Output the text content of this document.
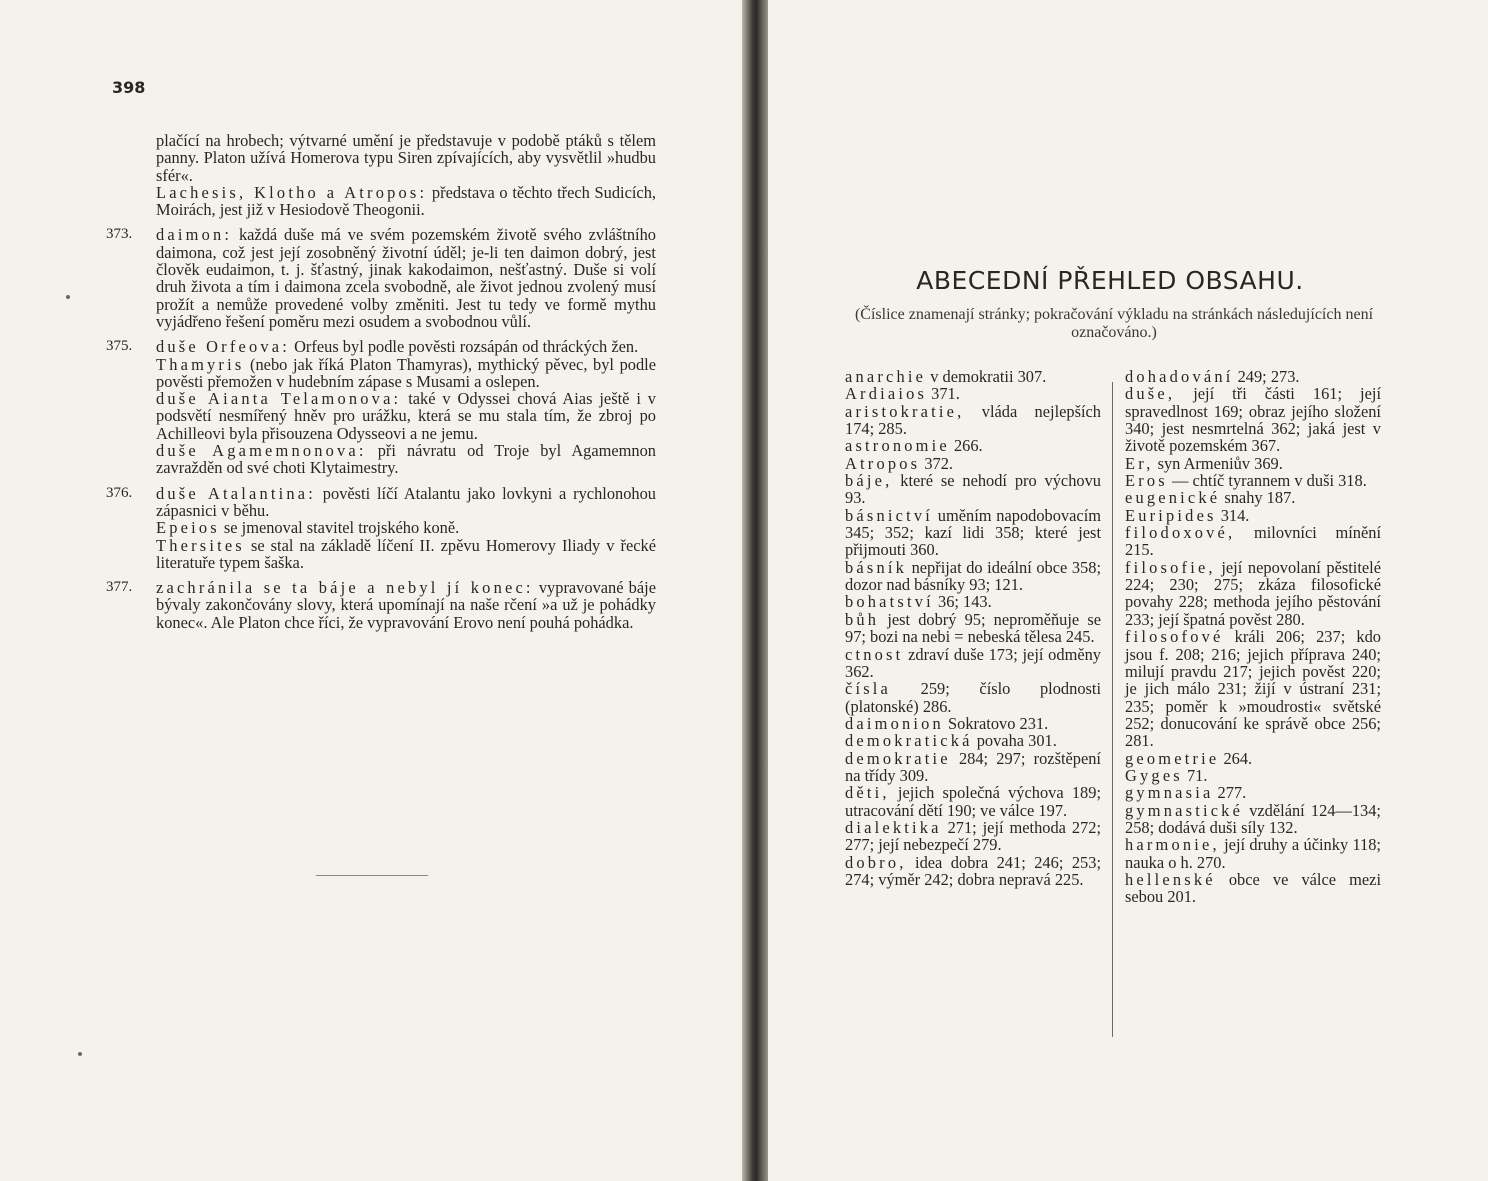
398

plačící na hrobech; výtvarné umění je představuje v podobě ptáků s tělem panny. Platon užívá Homerova typu Siren zpívajících, aby vysvětlil »hudbu sfér«.

Lachesis, Klotho a Atropos: představa o těchto třech Sudicích, Moirách, jest již v Hesiodově Theogonii.

373.	daimon: každá duše má ve svém pozemském životě svého zvláštního daimona, což jest její zosobněný životní úděl; je-li ten daimon dobrý, jest člověk eudaimon, t. j. šťastný, jinak kakodaimon, nešťastný. Duše si volí druh života a tím i daimona zcela svobodně, ale život jednou zvolený musí prožít a nemůže provedené volby změniti. Jest tu tedy ve formě mythu vyjádřeno řešení poměru mezi osudem a svobodnou vůlí.

375.	duše Orfeova: Orfeus byl podle pověsti rozsápán od thráckých žen.

Thamyris (nebo jak říká Platon Thamyras), mythický pěvec, byl podle pověsti přemožen v hudebním zápase s Musami a oslepen.

duše Aianta Telamonova: také v Odyssei chová Aias ještě i v podsvětí nesmířený hněv pro urážku, která se mu stala tím, že zbroj po Achilleovi byla přisouzena Odysseovi a ne jemu.

duše Agamemnonova: při návratu od Troje byl Agamemnon zavražděn od své choti Klytaimestry.

376.	duše Atalantina: pověsti líčí Atalantu jako lovkyni a rychlonohou zápasnici v běhu.

Epeios se jmenoval stavitel trojského koně.

Thersites se stal na základě líčení II. zpěvu Homerovy Iliady v řecké literatuře typem šaška.

377.	zachránila se ta báje a nebyl jí konec: vypravované báje bývaly zakončovány slovy, která upomínají na naše rčení »a už je pohádky konec«. Ale Platon chce říci, že vypravování Erovo není pouhá pohádka.

ABECEDNÍ PŘEHLED OBSAHU.
(Číslice znamenají stránky; pokračování výkladu na stránkách následujících není označováno.)

anarchie v demokratii 307.

Ardiaios 371.

aristokratie, vláda nejlepších 174; 285.

astronomie 266.

Atropos 372.

báje, které se nehodí pro výchovu 93.

básnictví uměním napodobovacím 345; 352; kazí lidi 358; které jest přijmouti 360.

básník nepřijat do ideální obce 358; dozor nad básníky 93; 121.

bohatství 36; 143.

bůh jest dobrý 95; neproměňuje se 97; bozi na nebi = nebeská tělesa 245.

ctnost zdraví duše 173; její odměny 362.

čísla 259; číslo plodnosti (platonské) 286.

daimonion Sokratovo 231.

demokratická povaha 301.

demokratie 284; 297; rozštěpení na třídy 309.

děti, jejich společná výchova 189; utracování dětí 190; ve válce 197.

dialektika 271; její methoda 272; 277; její nebezpečí 279.

dobro, idea dobra 241; 246; 253; 274; výměr 242; dobra nepravá 225.

dohadování 249; 273.

duše, její tři části 161; její spravedlnost 169; obraz jejího složení 340; jest nesmrtelná 362; jaká jest v životě pozemském 367.

Er, syn Armeniův 369.

Eros — chtíč tyrannem v duši 318.

eugenické snahy 187.

Euripides 314.

filodoxové, milovníci mínění 215.

filosofie, její nepovolaní pěstitelé 224; 230; 275; zkáza filosofické povahy 228; methoda jejího pěstování 233; její špatná pověst 280.

filosofové králi 206; 237; kdo jsou f. 208; 216; jejich příprava 240; milují pravdu 217; jejich pověst 220; je jich málo 231; žijí v ústraní 231; 235; poměr k »moudrosti« světské 252; donucování ke správě obce 256; 281.

geometrie 264.

Gyges 71.

gymnasia 277.

gymnastické vzdělání 124—134; 258; dodává duši síly 132.

harmonie, její druhy a účinky 118; nauka o h. 270.

hellenské obce ve válce mezi sebou 201.
